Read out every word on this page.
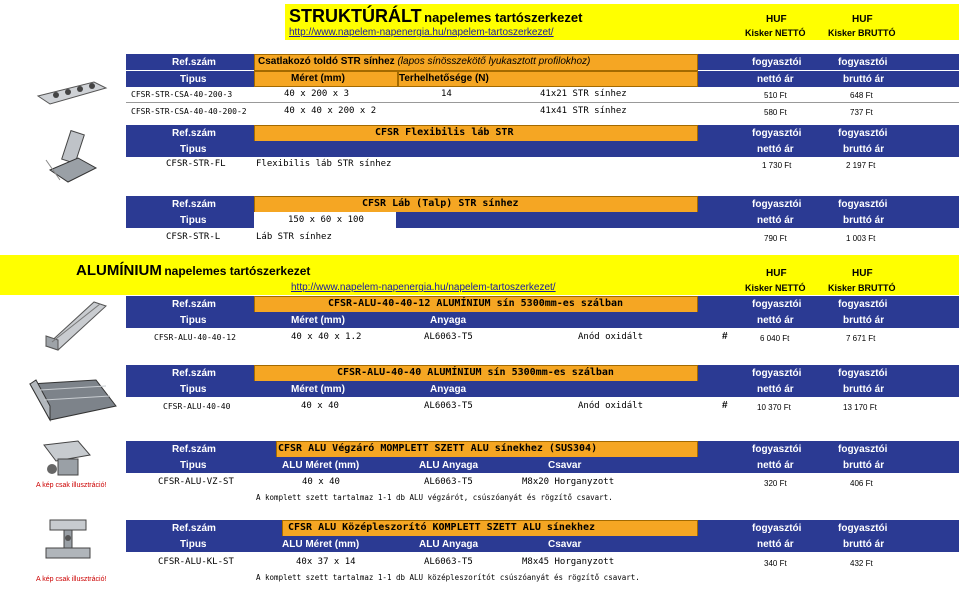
STRUKTÚRÁLT napelemes tartószerkezet
http://www.napelem-napenergia.hu/napelem-tartoszerkezet/
HUF	HUF
Kisker NETTÓ Kisker BRUTTÓ
Ref.szám	Csatlakozó toldó STR sínhez (lapos sínösszekötő lyukasztott profilokhoz)	fogyasztói	fogyasztói
Tipus	Méret (mm)	Terhelhetősége (N)	nettó ár	bruttó ár
CFSR-STR-CSA-40-200-3	40 x 200 x 3	14	41x21 STR sínhez	510 Ft	648 Ft
CFSR-STR-CSA-40-40-200-2	40 x 40 x 200 x 2	41x41 STR sínhez	580 Ft	737 Ft
Ref.szám	CFSR Flexibilis láb STR	fogyasztói	fogyasztói
Tipus	nettó ár	bruttó ár
CFSR-STR-FL	Flexibilis láb STR sínhez	1 730 Ft	2 197 Ft
Ref.szám	CFSR Láb (Talp) STR sínhez	fogyasztói	fogyasztói
Tipus	150 x 60 x 100	nettó ár	bruttó ár
CFSR-STR-L	Láb STR sínhez	790 Ft	1 003 Ft
ALUMÍNIUM napelemes tartószerkezet
http://www.napelem-napenergia.hu/napelem-tartoszerkezet/
HUF	HUF
Kisker NETTÓ Kisker BRUTTÓ
Ref.szám	CFSR-ALU-40-40-12 ALUMÍNIUM sín 5300mm-es szálban	fogyasztói	fogyasztói
Tipus	Méret (mm)	Anyaga	nettó ár	bruttó ár
CFSR-ALU-40-40-12	40 x 40 x 1.2	AL6063-T5	Anód oxidált	#	6 040 Ft	7 671 Ft
Ref.szám	CFSR-ALU-40-40 ALUMÍNIUM sín 5300mm-es szálban	fogyasztói	fogyasztói
Tipus	Méret (mm)	Anyaga	nettó ár	bruttó ár
CFSR-ALU-40-40	40 x 40	AL6063-T5	Anód oxidált	#	10 370 Ft	13 170 Ft
Ref.szám	CFSR ALU Végzáró MOMPLETT SZETT ALU sínekhez (SUS304)	fogyasztói	fogyasztói
Tipus	ALU Méret (mm)	ALU Anyaga	Csavar	nettó ár	bruttó ár
A kép csak illusztráció!	CFSR-ALU-VZ-ST	40 x 40	AL6063-T5	M8x20 Horganyzott	320 Ft	406 Ft
A komplett szett tartalmaz 1-1 db ALU végzárót, csúszóanyát és rögzítő csavart.
Ref.szám	CFSR ALU Középleszorító KOMPLETT SZETT ALU sínekhez	fogyasztói	fogyasztói
Tipus	ALU Méret (mm)	ALU Anyaga	Csavar	nettó ár	bruttó ár
A kép csak illusztráció!
CFSR-ALU-KL-ST	40x 37 x 14	AL6063-T5	M8x45 Horganyzott	340 Ft	432 Ft
A komplett szett tartalmaz 1-1 db ALU középleszorítót csúszóanyát és rögzítő csavart.
